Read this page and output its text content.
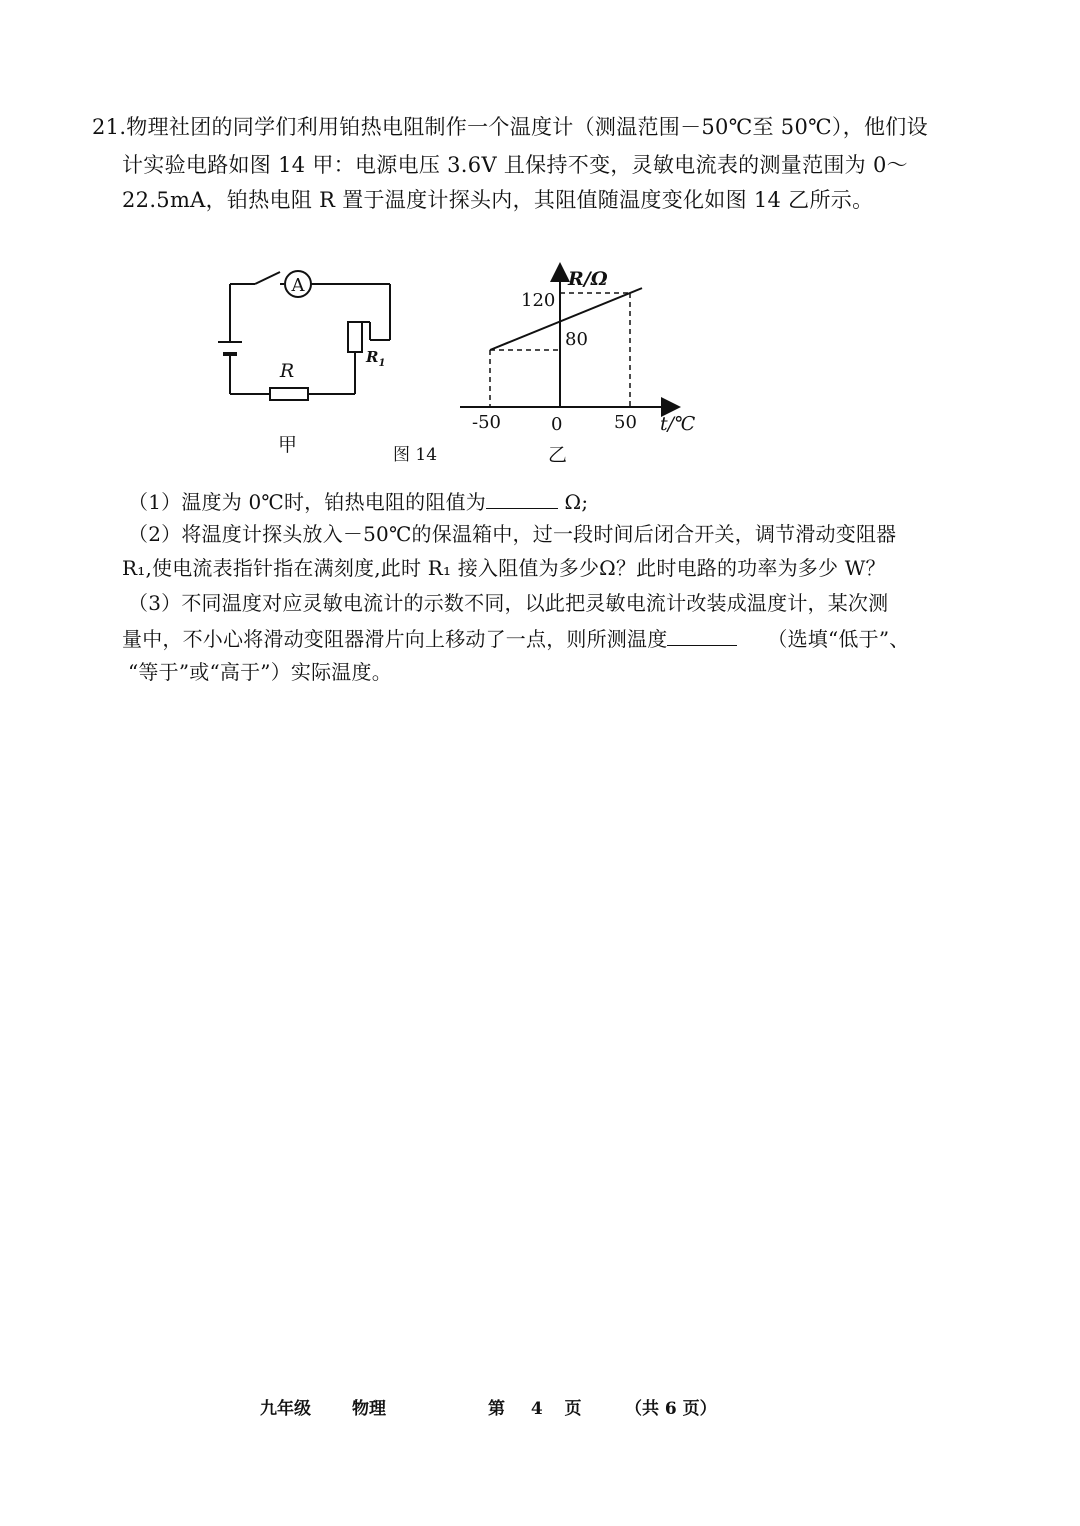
21.物理社团的同学们利用铂热电阻制作一个温度计（测温范围－50℃至 50℃），他们设
计实验电路如图 14 甲：电源电压 3.6V 且保持不变，灵敏电流表的测量范围为 0～
22.5mA，铂热电阻 R 置于温度计探头内，其阻值随温度变化如图 14 乙所示。
A
R
$R_1$
甲	图 14
R/Ω
t/℃
120
80
-50	0	50
乙
（1）温度为 0℃时，铂热电阻的阻值为	Ω;
（2）将温度计探头放入－50℃的保温箱中，过一段时间后闭合开关，调节滑动变阻器
R₁,使电流表指针指在满刻度,此时 R₁ 接入阻值为多少Ω？此时电路的功率为多少 W？
（3）不同温度对应灵敏电流计的示数不同，以此把灵敏电流计改装成温度计，某次测
量中，不小心将滑动变阻器滑片向上移动了一点，则所测温度	（选填“低于”、
“等于”或“高于”）实际温度。
九年级 物理	第 4 页	（共 6 页）
